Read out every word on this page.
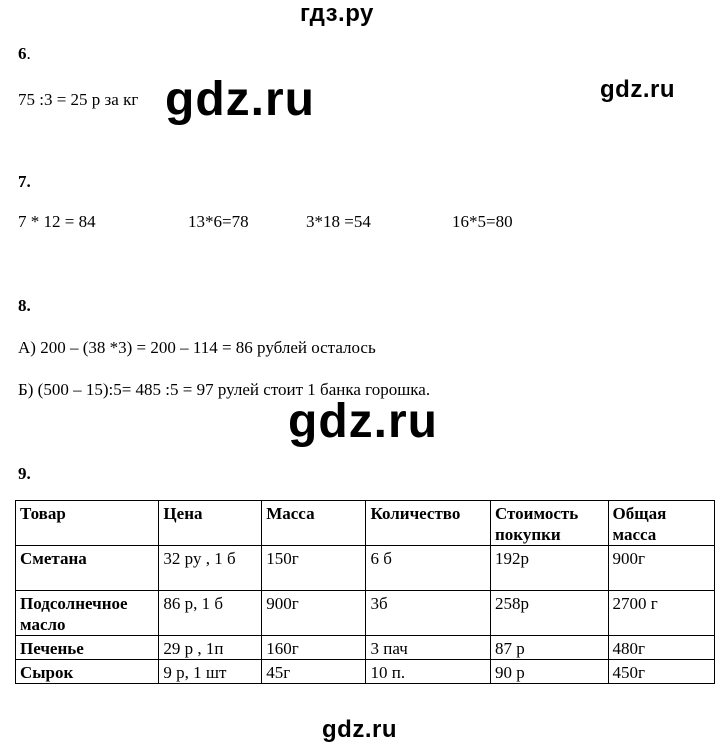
гдз.ру
6.
75 :3 = 25 р за кг gdz.ru	gdz.ru
7.
7 * 12 = 84	13*6=78	3*18 =54	16*5=80
8.
А) 200 – (38 *3) = 200 – 114 = 86 рублей осталось
Б) (500 – 15):5= 485 :5 = 97 рулей стоит 1 банка горошка.
gdz.ru
9.
Товар	Цена	Масса	Количество	Стоимость покупки	Общая масса
Сметана	32 ру , 1 б	150г	6 б	192р	900г
Подсолнечное масло	86 р, 1 б	900г	3б	258р	2700 г
Печенье	29 р , 1п	160г	3 пач	87 р	480г
Сырок	9 р, 1 шт	45г	10 п.	90 р	450г
gdz.ru
